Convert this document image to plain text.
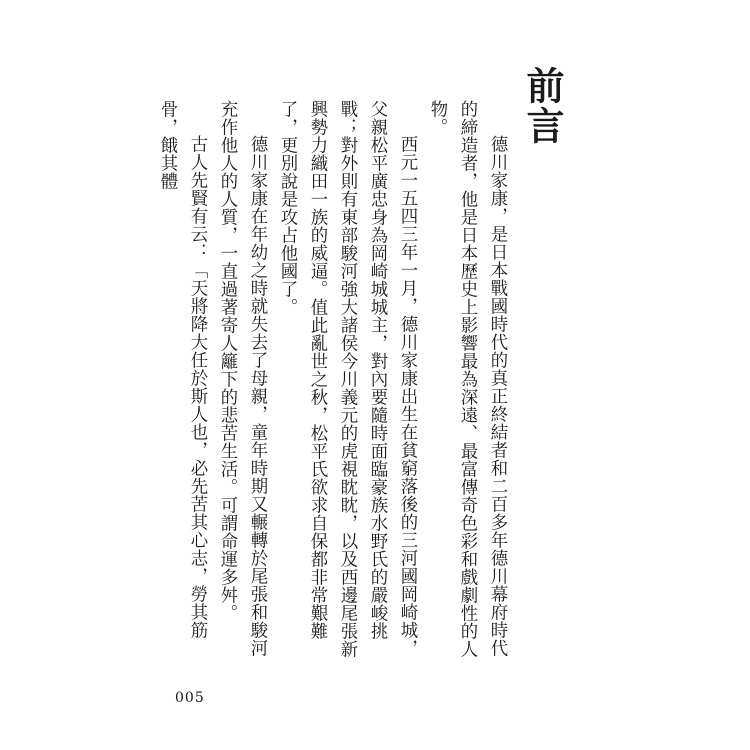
前言

德川家康，是日本戰國時代的真正終結者和二百多年德川幕府時代的締造者，他是日本歷史上影響最為深遠、最富傳奇色彩和戲劇性的人物。

西元一五四三年一月，德川家康出生在貧窮落後的三河國岡崎城，父親松平廣忠身為岡崎城城主，對內要隨時面臨豪族水野氏的嚴峻挑戰；對外則有東部駿河強大諸侯今川義元的虎視眈眈，以及西邊尾張新興勢力織田一族的威逼。值此亂世之秋，松平氏欲求自保都非常艱難了，更別說是攻占他國了。

德川家康在年幼之時就失去了母親，童年時期又輾轉於尾張和駿河充作他人的人質，一直過著寄人籬下的悲苦生活。可謂命運多舛。

古人先賢有云：「天將降大任於斯人也，必先苦其心志，勞其筋骨，餓其體

005
